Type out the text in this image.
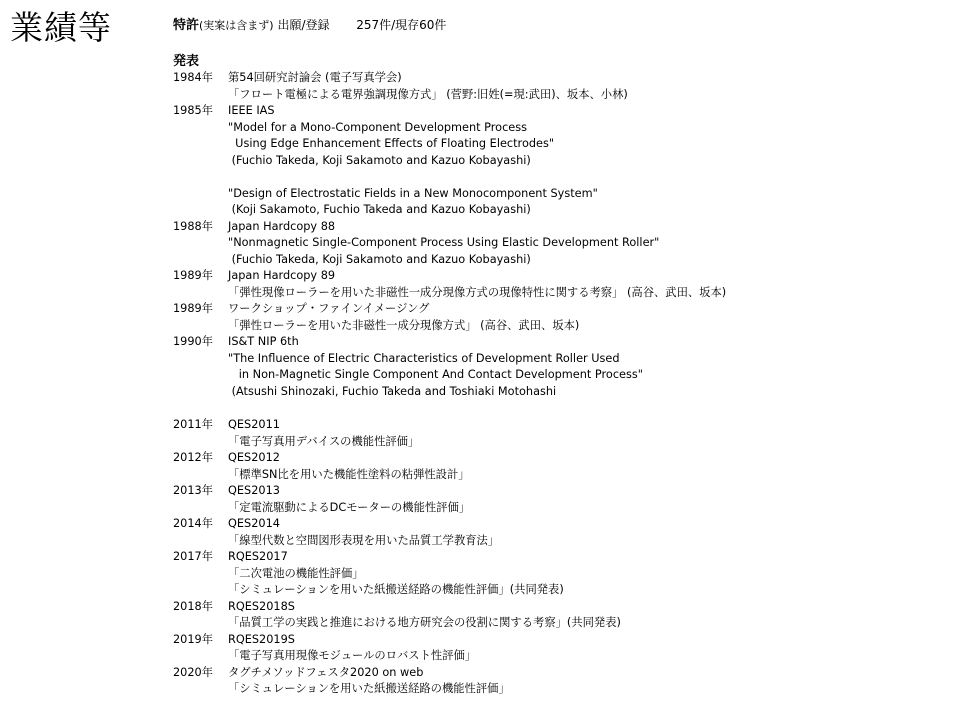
業績等	特許(実案は含まず) 出願/登録 257件/現存60件
発表
1984年	第54回研究討論会 (電子写真学会)
「フロート電極による電界強調現像方式」 (菅野:旧姓(=現:武田)、坂本、小林)
1985年	IEEE IAS
"Model for a Mono-Component Development Process
Using Edge Enhancement Effects of Floating Electrodes"
(Fuchio Takeda, Koji Sakamoto and Kazuo Kobayashi)
"Design of Electrostatic Fields in a New Monocomponent System"
(Koji Sakamoto, Fuchio Takeda and Kazuo Kobayashi)
1988年	Japan Hardcopy 88
"Nonmagnetic Single-Component Process Using Elastic Development Roller"
(Fuchio Takeda, Koji Sakamoto and Kazuo Kobayashi)
1989年	Japan Hardcopy 89
「弾性現像ローラーを用いた非磁性一成分現像方式の現像特性に関する考察」 (高谷、武田、坂本)
1989年	ワークショップ・ファインイメージング
「弾性ローラーを用いた非磁性一成分現像方式」 (高谷、武田、坂本)
1990年	IS&T NIP 6th
"The Influence of Electric Characteristics of Development Roller Used
in Non-Magnetic Single Component And Contact Development Process"
(Atsushi Shinozaki, Fuchio Takeda and Toshiaki Motohashi
2011年	QES2011
「電子写真用デバイスの機能性評価」
2012年	QES2012
「標準SN比を用いた機能性塗料の粘弾性設計」
2013年	QES2013
「定電流駆動によるDCモーターの機能性評価」
2014年	QES2014
「線型代数と空間図形表現を用いた品質工学教育法」
2017年	RQES2017
「二次電池の機能性評価」
「シミュレーションを用いた紙搬送経路の機能性評価」(共同発表)
2018年	RQES2018S
「品質工学の実践と推進における地方研究会の役割に関する考察」(共同発表)
2019年	RQES2019S
「電子写真用現像モジュールのロバスト性評価」
2020年	タグチメソッドフェスタ2020 on web
「シミュレーションを用いた紙搬送経路の機能性評価」
